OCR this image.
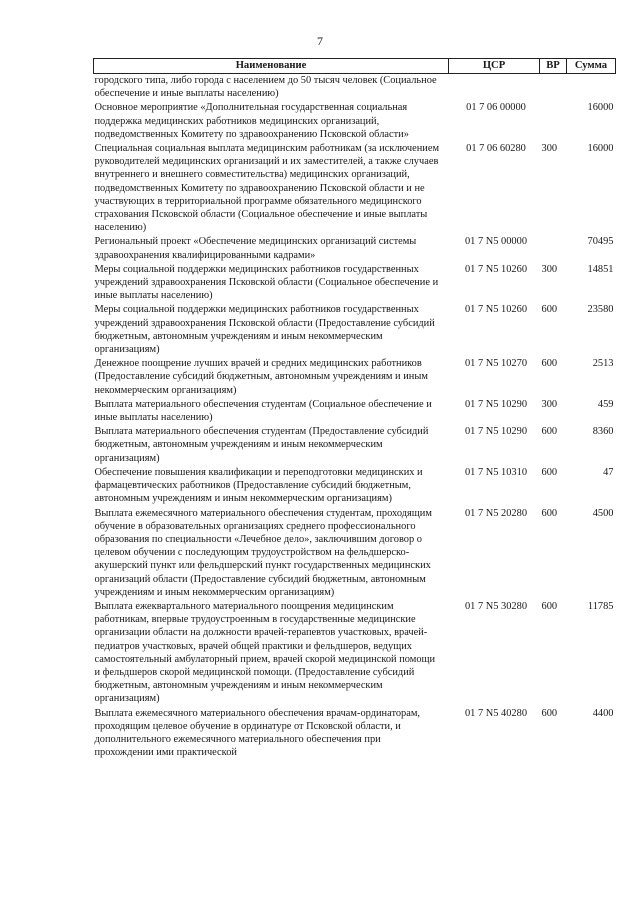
7
Наименование	ЦСР	ВР	Сумма
городского типа, либо города с населением до 50 тысяч человек (Социальное обеспечение и иные выплаты населению)			
Основное мероприятие «Дополнительная государственная социальная поддержка медицинских работников медицинских организаций, подведомственных Комитету по здравоохранению Псковской области»	01 7 06 00000		16000
Специальная социальная выплата медицинским работникам (за исключением руководителей медицинских организаций и их заместителей, а также случаев внутреннего и внешнего совместительства) медицинских организаций, подведомственных Комитету по здравоохранению Псковской области и не участвующих в территориальной программе обязательного медицинского страхования Псковской области (Социальное обеспечение и иные выплаты населению)	01 7 06 60280	300	16000
Региональный проект «Обеспечение медицинских организаций системы здравоохранения квалифицированными кадрами»	01 7 N5 00000		70495
Меры социальной поддержки медицинских работников государственных учреждений здравоохранения Псковской области (Социальное обеспечение и иные выплаты населению)	01 7 N5 10260	300	14851
Меры социальной поддержки медицинских работников государственных учреждений здравоохранения Псковской области (Предоставление субсидий бюджетным, автономным учреждениям и иным некоммерческим организациям)	01 7 N5 10260	600	23580
Денежное поощрение лучших врачей и средних медицинских работников (Предоставление субсидий бюджетным, автономным учреждениям и иным некоммерческим организациям)	01 7 N5 10270	600	2513
Выплата материального обеспечения студентам (Социальное обеспечение и иные выплаты населению)	01 7 N5 10290	300	459
Выплата материального обеспечения студентам (Предоставление субсидий бюджетным, автономным учреждениям и иным некоммерческим организациям)	01 7 N5 10290	600	8360
Обеспечение повышения квалификации и переподготовки медицинских и фармацевтических работников (Предоставление субсидий бюджетным, автономным учреждениям и иным некоммерческим организациям)	01 7 N5 10310	600	47
Выплата ежемесячного материального обеспечения студентам, проходящим обучение в образовательных организациях среднего профессионального образования по специальности «Лечебное дело», заключившим договор о целевом обучении с последующим трудоустройством на фельдшерско-акушерский пункт или фельдшерский пункт государственных медицинских организаций области (Предоставление субсидий бюджетным, автономным учреждениям и иным некоммерческим организациям)	01 7 N5 20280	600	4500
Выплата ежеквартального материального поощрения медицинским работникам, впервые трудоустроенным в государственные медицинские организации области на должности врачей-терапевтов участковых, врачей-педиатров участковых, врачей общей практики и фельдшеров, ведущих самостоятельный амбулаторный прием, врачей скорой медицинской помощи и фельдшеров скорой медицинской помощи. (Предоставление субсидий бюджетным, автономным учреждениям и иным некоммерческим организациям)	01 7 N5 30280	600	11785
Выплата ежемесячного материального обеспечения врачам-ординаторам, проходящим целевое обучение в ординатуре от Псковской области, и дополнительного ежемесячного материального обеспечения при прохождении ими практической	01 7 N5 40280	600	4400
